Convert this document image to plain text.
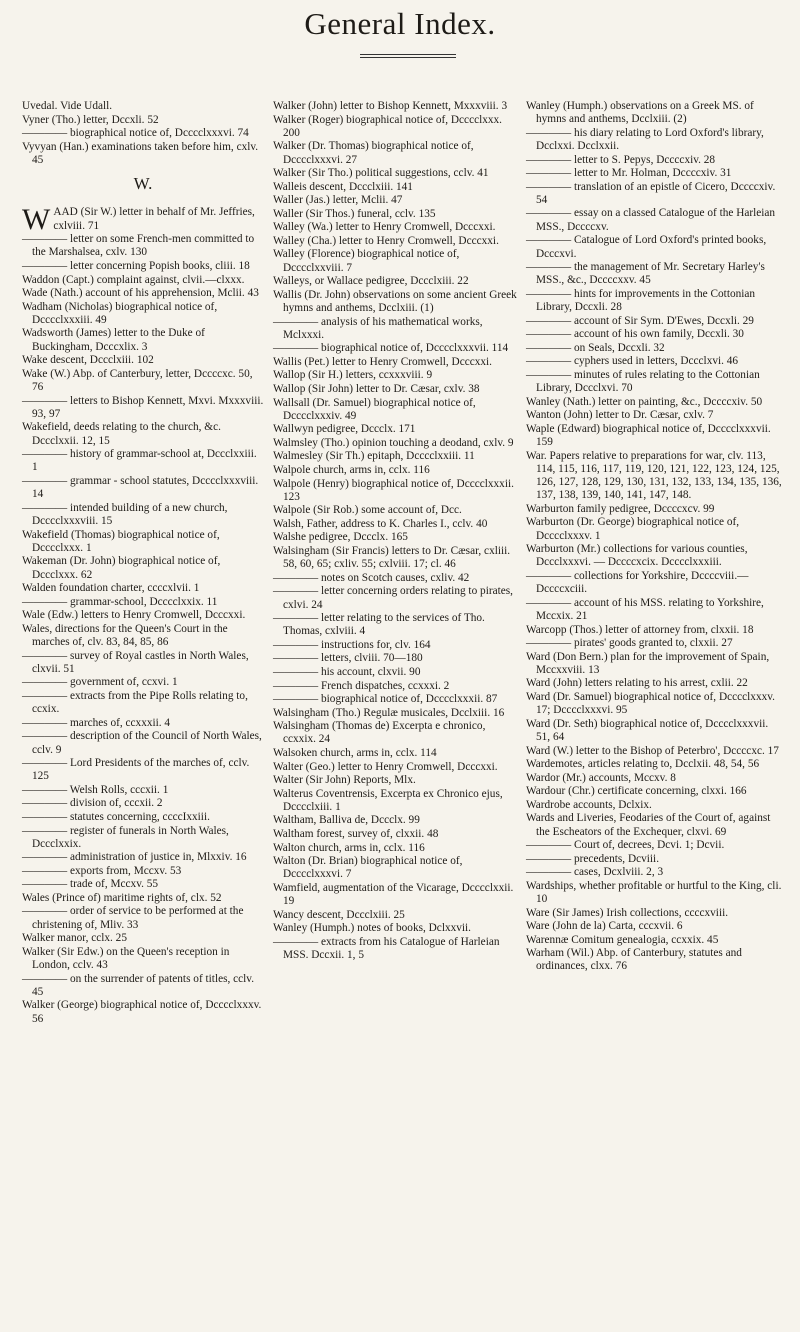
General Index.

Uvedal. Vide Udall.

Vyner (Tho.) letter, Dccxli. 52

———— biographical notice of, Dcccclxxxvi. 74

Vyvyan (Han.) examinations taken before him, cxlv. 45

W.

WAAD (Sir W.) letter in behalf of Mr. Jeffries, cxlviii. 71

———— letter on some French-men committed to the Marshalsea, cxlv. 130

———— letter concerning Popish books, cliii. 18

Waddon (Capt.) complaint against, clvii.—clxxx.

Wade (Nath.) account of his apprehension, Mclii. 43

Wadham (Nicholas) biographical notice of, Dcccclxxxiii. 49

Wadsworth (James) letter to the Duke of Buckingham, Dcccxlix. 3

Wake descent, Dccclxiii. 102

Wake (W.) Abp. of Canterbury, letter, Dccccxc. 50, 76

———— letters to Bishop Kennett, Mxvi. Mxxxviii. 93, 97

Wakefield, deeds relating to the church, &c. Dccclxxii. 12, 15

———— history of grammar-school at, Dccclxxiii. 1

———— grammar - school statutes, Dcccclxxxviii. 14

———— intended building of a new church, Dcccclxxxviii. 15

Wakefield (Thomas) biographical notice of, Dcccclxxx. 1

Wakeman (Dr. John) biographical notice of, Dccclxxx. 62

Walden foundation charter, ccccxlvii. 1

———— grammar-school, Dcccclxxix. 11

Wale (Edw.) letters to Henry Cromwell, Dcccxxi.

Wales, directions for the Queen's Court in the marches of, clv. 83, 84, 85, 86

———— survey of Royal castles in North Wales, clxvii. 51

———— government of, ccxvi. 1

———— extracts from the Pipe Rolls relating to, ccxix.

———— marches of, ccxxxii. 4

———— description of the Council of North Wales, cclv. 9

———— Lord Presidents of the marches of, cclv. 125

———— Welsh Rolls, cccxii. 1

———— division of, cccxii. 2

———— statutes concerning, ccccIxxiii.

———— register of funerals in North Wales, Dccclxxix.

———— administration of justice in, Mlxxiv. 16

———— exports from, Mccxv. 53

———— trade of, Mccxv. 55

Wales (Prince of) maritime rights of, clx. 52

———— order of service to be performed at the christening of, Mliv. 33

Walker manor, cclx. 25

Walker (Sir Edw.) on the Queen's reception in London, cclv. 43

———— on the surrender of patents of titles, cclv. 45

Walker (George) biographical notice of, Dcccclxxxv. 56

Walker (John) letter to Bishop Kennett, Mxxxviii. 3

Walker (Roger) biographical notice of, Dcccclxxx. 200

Walker (Dr. Thomas) biographical notice of, Dcccclxxxvi. 27

Walker (Sir Tho.) political suggestions, cclv. 41

Walleis descent, Dccclxiii. 141

Waller (Jas.) letter, Mclii. 47

Waller (Sir Thos.) funeral, cclv. 135

Walley (Wa.) letter to Henry Cromwell, Dcccxxi.

Walley (Cha.) letter to Henry Cromwell, Dcccxxi.

Walley (Florence) biographical notice of, Dcccclxxviii. 7

Walleys, or Wallace pedigree, Dccclxiii. 22

Wallis (Dr. John) observations on some ancient Greek hymns and anthems, Dcclxiii. (1)

———— analysis of his mathematical works, Mclxxxi.

———— biographical notice of, Dcccclxxxvii. 114

Wallis (Pet.) letter to Henry Cromwell, Dcccxxi.

Wallop (Sir H.) letters, ccxxxviii. 9

Wallop (Sir John) letter to Dr. Cæsar, cxlv. 38

Wallsall (Dr. Samuel) biographical notice of, Dcccclxxxiv. 49

Wallwyn pedigree, Dccclx. 171

Walmsley (Tho.) opinion touching a deodand, cxlv. 9

Walmesley (Sir Th.) epitaph, Dcccclxxiii. 11

Walpole church, arms in, cclx. 116

Walpole (Henry) biographical notice of, Dcccclxxxii. 123

Walpole (Sir Rob.) some account of, Dcc.

Walsh, Father, address to K. Charles I., cclv. 40

Walshe pedigree, Dccclx. 165

Walsingham (Sir Francis) letters to Dr. Cæsar, cxliii. 58, 60, 65; cxliv. 55; cxlviii. 17; cl. 46

———— notes on Scotch causes, cxliv. 42

———— letter concerning orders relating to pirates, cxlvi. 24

———— letter relating to the services of Tho. Thomas, cxlviii. 4

———— instructions for, clv. 164

———— letters, clviii. 70—180

———— his account, clxvii. 90

———— French dispatches, ccxxxi. 2

———— biographical notice of, Dcccclxxxii. 87

Walsingham (Tho.) Regulæ musicales, Dcclxiii. 16

Walsingham (Thomas de) Excerpta e chronico, ccxxix. 24

Walsoken church, arms in, cclx. 114

Walter (Geo.) letter to Henry Cromwell, Dcccxxi.

Walter (Sir John) Reports, Mlx.

Walterus Coventrensis, Excerpta ex Chronico ejus, Dcccclxiii. 1

Waltham, Balliva de, Dccclx. 99

Waltham forest, survey of, clxxii. 48

Walton church, arms in, cclx. 116

Walton (Dr. Brian) biographical notice of, Dcccclxxxvi. 7

Wamfield, augmentation of the Vicarage, Dcccclxxii. 19

Wancy descent, Dccclxiii. 25

Wanley (Humph.) notes of books, Dclxxvii.

———— extracts from his Catalogue of Harleian MSS. Dccxii. 1, 5

Wanley (Humph.) observations on a Greek MS. of hymns and anthems, Dcclxiii. (2)

———— his diary relating to Lord Oxford's library, Dcclxxi. Dcclxxii.

———— letter to S. Pepys, Dccccxiv. 28

———— letter to Mr. Holman, Dccccxiv. 31

———— translation of an epistle of Cicero, Dccccxiv. 54

———— essay on a classed Catalogue of the Harleian MSS., Dccccxv.

———— Catalogue of Lord Oxford's printed books, Dcccxvi.

———— the management of Mr. Secretary Harley's MSS., &c., Dccccxxv. 45

———— hints for improvements in the Cottonian Library, Dccxli. 28

———— account of Sir Sym. D'Ewes, Dccxli. 29

———— account of his own family, Dccxli. 30

———— on Seals, Dccxli. 32

———— cyphers used in letters, Dccclxvi. 46

———— minutes of rules relating to the Cottonian Library, Dccclxvi. 70

Wanley (Nath.) letter on painting, &c., Dccccxiv. 50

Wanton (John) letter to Dr. Cæsar, cxlv. 7

Waple (Edward) biographical notice of, Dcccclxxxvii. 159

War. Papers relative to preparations for war, clv. 113, 114, 115, 116, 117, 119, 120, 121, 122, 123, 124, 125, 126, 127, 128, 129, 130, 131, 132, 133, 134, 135, 136, 137, 138, 139, 140, 141, 147, 148.

Warburton family pedigree, Dccccxcv. 99

Warburton (Dr. George) biographical notice of, Dcccclxxxv. 1

Warburton (Mr.) collections for various counties, Dccclxxxvi. — Dccccxcix. Dcccclxxxiii.

———— collections for Yorkshire, Dccccviii.—Dccccxciii.

———— account of his MSS. relating to Yorkshire, Mccxix. 21

Warcopp (Thos.) letter of attorney from, clxxii. 18

———— pirates' goods granted to, clxxii. 27

Ward (Don Bern.) plan for the improvement of Spain, Mccxxviii. 13

Ward (John) letters relating to his arrest, cxlii. 22

Ward (Dr. Samuel) biographical notice of, Dcccclxxxv. 17; Dcccclxxxvi. 95

Ward (Dr. Seth) biographical notice of, Dcccclxxxvii. 51, 64

Ward (W.) letter to the Bishop of Peterbro', Dccccxc. 17

Wardemotes, articles relating to, Dcclxii. 48, 54, 56

Wardor (Mr.) accounts, Mccxv. 8

Wardour (Chr.) certificate concerning, clxxi. 166

Wardrobe accounts, Dclxix.

Wards and Liveries, Feodaries of the Court of, against the Escheators of the Exchequer, clxvi. 69

———— Court of, decrees, Dcvi. 1; Dcvii.

———— precedents, Dcviii.

———— cases, Dcxlviii. 2, 3

Wardships, whether profitable or hurtful to the King, cli. 10

Ware (Sir James) Irish collections, ccccxviii.

Ware (John de la) Carta, cccxvii. 6

Warennæ Comitum genealogia, ccxxix. 45

Warham (Wil.) Abp. of Canterbury, statutes and ordinances, clxx. 76
